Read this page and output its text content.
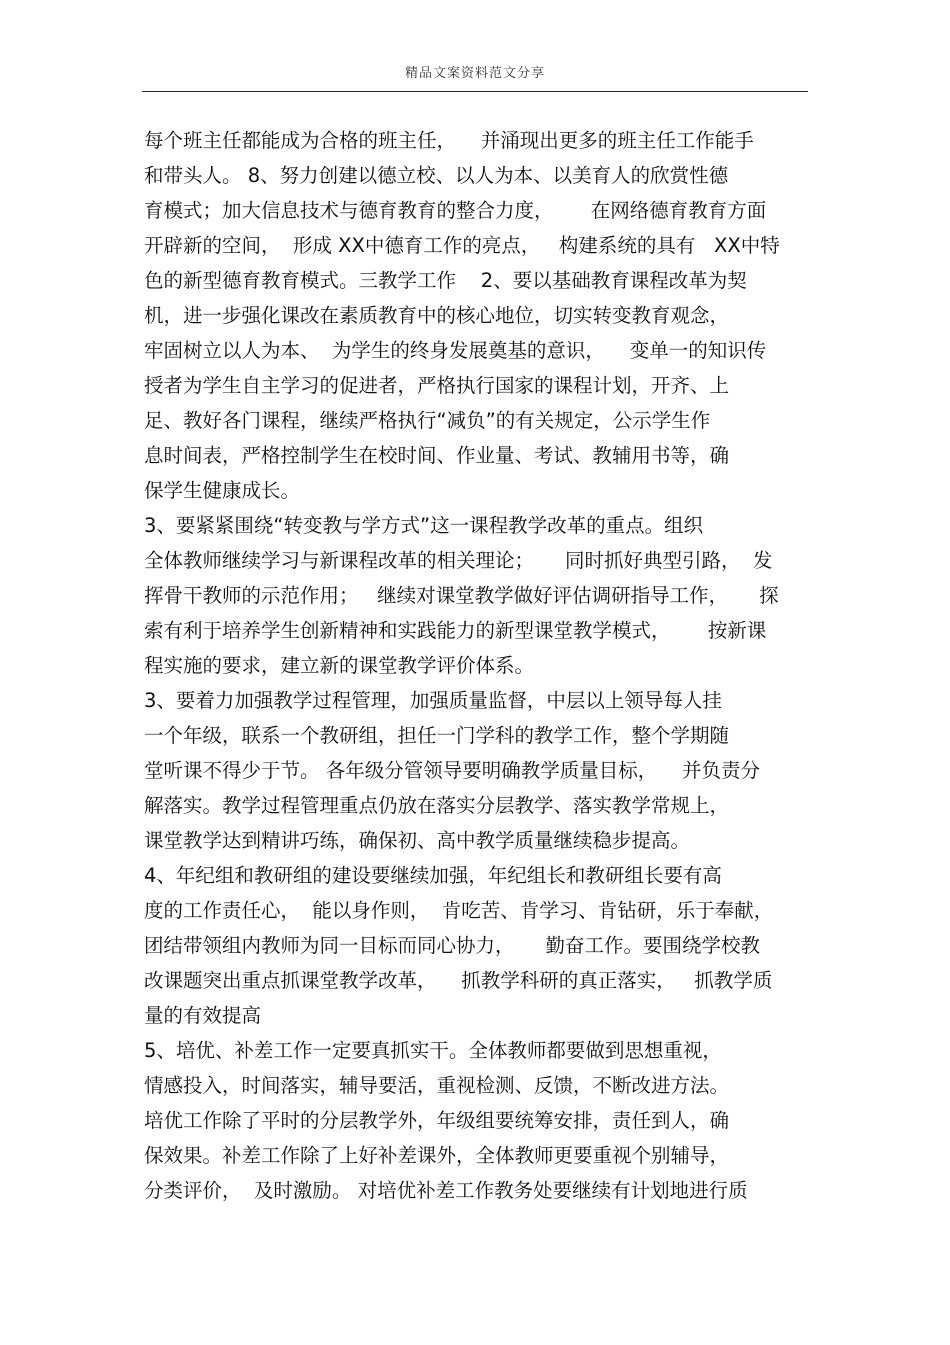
精品文案资料范文分享
每个班主任都能成为合格的班主任，    并涌现出更多的班主任工作能手
和带头人。 8、努力创建以德立校、以人为本、以美育人的欣赏性德
育模式；加大信息技术与德育教育的整合力度，      在网络德育教育方面
开辟新的空间，  形成 XX中德育工作的亮点，   构建系统的具有   XX中特
色的新型德育教育模式。三教学工作    2、要以基础教育课程改革为契
机，进一步强化课改在素质教育中的核心地位，切实转变教育观念，
牢固树立以人为本、  为学生的终身发展奠基的意识，    变单一的知识传
授者为学生自主学习的促进者，严格执行国家的课程计划，开齐、上
足、教好各门课程，继续严格执行“减负”的有关规定，公示学生作
息时间表，严格控制学生在校时间、作业量、考试、教辅用书等，确
保学生健康成长。
3、要紧紧围绕“转变教与学方式”这一课程教学改革的重点。组织
全体教师继续学习与新课程改革的相关理论；     同时抓好典型引路，  发
挥骨干教师的示范作用；   继续对课堂教学做好评估调研指导工作，     探
索有利于培养学生创新精神和实践能力的新型课堂教学模式，      按新课
程实施的要求，建立新的课堂教学评价体系。
3、要着力加强教学过程管理，加强质量监督，中层以上领导每人挂
一个年级，联系一个教研组，担任一门学科的教学工作，整个学期随
堂听课不得少于节。 各年级分管领导要明确教学质量目标，    并负责分
解落实。教学过程管理重点仍放在落实分层教学、落实教学常规上，
课堂教学达到精讲巧练，确保初、高中教学质量继续稳步提高。
4、年纪组和教研组的建设要继续加强，年纪组长和教研组长要有高
度的工作责任心，  能以身作则，  肯吃苦、肯学习、肯钻研，乐于奉献，
团结带领组内教师为同一目标而同心协力，     勤奋工作。要围绕学校教
改课题突出重点抓课堂教学改革，    抓教学科研的真正落实，   抓教学质
量的有效提高
5、培优、补差工作一定要真抓实干。全体教师都要做到思想重视，
情感投入，时间落实，辅导要活，重视检测、反馈，不断改进方法。
培优工作除了平时的分层教学外，年级组要统筹安排，责任到人，确
保效果。补差工作除了上好补差课外，全体教师更要重视个别辅导，
分类评价，  及时激励。 对培优补差工作教务处要继续有计划地进行质
